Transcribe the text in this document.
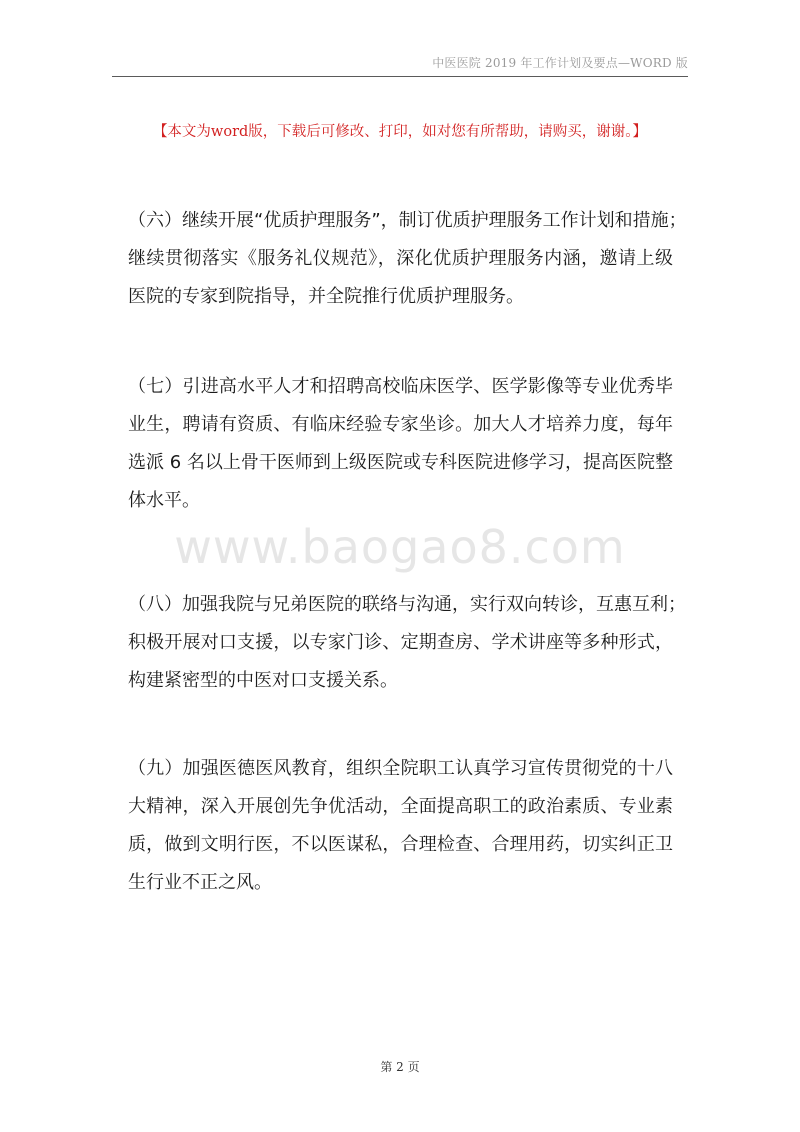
中医医院 2019 年工作计划及要点—WORD 版
【本文为word版，下载后可修改、打印，如对您有所帮助，请购买，谢谢。】
www.baogao8.com
（六）继续开展“优质护理服务”，制订优质护理服务工作计划和措施；
继续贯彻落实《服务礼仪规范》，深化优质护理服务内涵，邀请上级
医院的专家到院指导，并全院推行优质护理服务。
（七）引进高水平人才和招聘高校临床医学、医学影像等专业优秀毕
业生，聘请有资质、有临床经验专家坐诊。加大人才培养力度，每年
选派 6 名以上骨干医师到上级医院或专科医院进修学习，提高医院整
体水平。
（八）加强我院与兄弟医院的联络与沟通，实行双向转诊，互惠互利；
积极开展对口支援，以专家门诊、定期查房、学术讲座等多种形式，
构建紧密型的中医对口支援关系。
（九）加强医德医风教育，组织全院职工认真学习宣传贯彻党的十八
大精神，深入开展创先争优活动，全面提高职工的政治素质、专业素
质，做到文明行医，不以医谋私，合理检查、合理用药，切实纠正卫
生行业不正之风。
第 2 页
